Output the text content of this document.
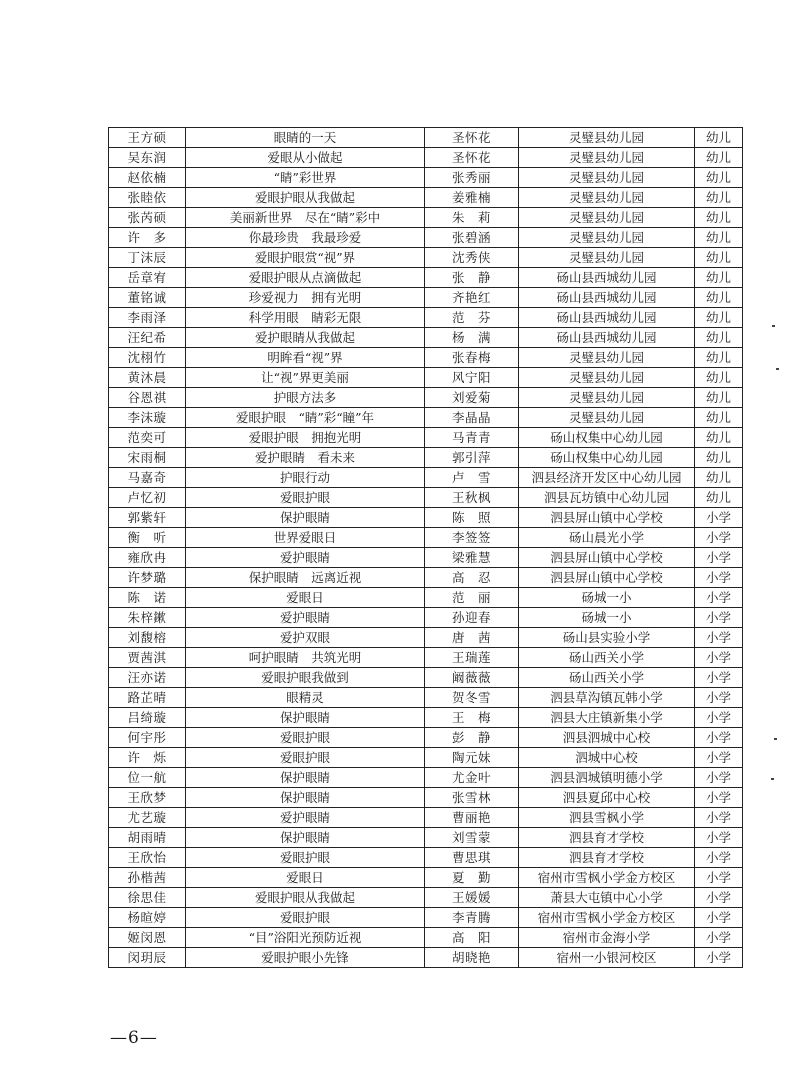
王方硕	眼睛的一天	圣怀花	灵璧县幼儿园	幼儿
吴东润	爱眼从小做起	圣怀花	灵璧县幼儿园	幼儿
赵依楠	“睛”彩世界	张秀丽	灵璧县幼儿园	幼儿
张睦依	爱眼护眼从我做起	姜雅楠	灵璧县幼儿园	幼儿
张芮硕	美丽新世界　尽在“睛”彩中	朱　莉	灵璧县幼儿园	幼儿
许　多	你最珍贵　我最珍爱	张碧涵	灵璧县幼儿园	幼儿
丁沫辰	爱眼护眼赏“视”界	沈秀侠	灵璧县幼儿园	幼儿
岳章宥	爱眼护眼从点滴做起	张　静	砀山县西城幼儿园	幼儿
董铭诚	珍爱视力　拥有光明	齐艳红	砀山县西城幼儿园	幼儿
李雨泽	科学用眼　睛彩无限	范　芬	砀山县西城幼儿园	幼儿
汪纪希	爱护眼睛从我做起	杨　满	砀山县西城幼儿园	幼儿
沈栩竹	明眸看“视”界	张春梅	灵璧县幼儿园	幼儿
黄沐晨	让“视”界更美丽	风宁阳	灵璧县幼儿园	幼儿
谷恩祺	护眼方法多	刘爱菊	灵璧县幼儿园	幼儿
李沫璇	爱眼护眼　“睛”彩“瞳”年	李晶晶	灵璧县幼儿园	幼儿
范奕可	爱眼护眼　拥抱光明	马青青	砀山权集中心幼儿园	幼儿
宋雨桐	爱护眼睛　看未来	郭引萍	砀山权集中心幼儿园	幼儿
马嘉奇	护眼行动	卢　雪	泗县经济开发区中心幼儿园	幼儿
卢忆初	爱眼护眼	王秋枫	泗县瓦坊镇中心幼儿园	幼儿
郭紫轩	保护眼睛	陈　照	泗县屏山镇中心学校	小学
衡　听	世界爱眼日	李签签	砀山晨光小学	小学
雍欣冉	爱护眼睛	梁雅慧	泗县屏山镇中心学校	小学
许梦璐	保护眼睛　远离近视	高　忍	泗县屏山镇中心学校	小学
陈　诺	爱眼日	范　丽	砀城一小	小学
朱梓鏉	爱护眼睛	孙迎春	砀城一小	小学
刘馥榕	爱护双眼	唐　茜	砀山县实验小学	小学
贾茜淇	呵护眼睛　共筑光明	王瑞莲	砀山西关小学	小学
汪亦诺	爱眼护眼我做到	阚薇薇	砀山西关小学	小学
路芷晴	眼精灵	贺冬雪	泗县草沟镇瓦韩小学	小学
吕绮璇	保护眼睛	王　梅	泗县大庄镇新集小学	小学
何宇彤	爱眼护眼	彭　静	泗县泗城中心校	小学
许　烁	爱眼护眼	陶元妹	泗城中心校	小学
位一航	保护眼睛	尤金叶	泗县泗城镇明德小学	小学
王欣梦	保护眼睛	张雪林	泗县夏邱中心校	小学
尤艺璇	爱护眼睛	曹丽艳	泗县雪枫小学	小学
胡雨晴	保护眼睛	刘雪蒙	泗县育才学校	小学
王欣怡	爱眼护眼	曹思琪	泗县育才学校	小学
孙楷茜	爱眼日	夏　勤	宿州市雪枫小学金方校区	小学
徐思佳	爱眼护眼从我做起	王媛媛	萧县大屯镇中心小学	小学
杨暄婷	爱眼护眼	李青腾	宿州市雪枫小学金方校区	小学
姬闵恩	“目”浴阳光预防近视	高　阳	宿州市金海小学	小学
闵玥辰	爱眼护眼小先锋	胡晓艳	宿州一小银河校区	小学
—6—
